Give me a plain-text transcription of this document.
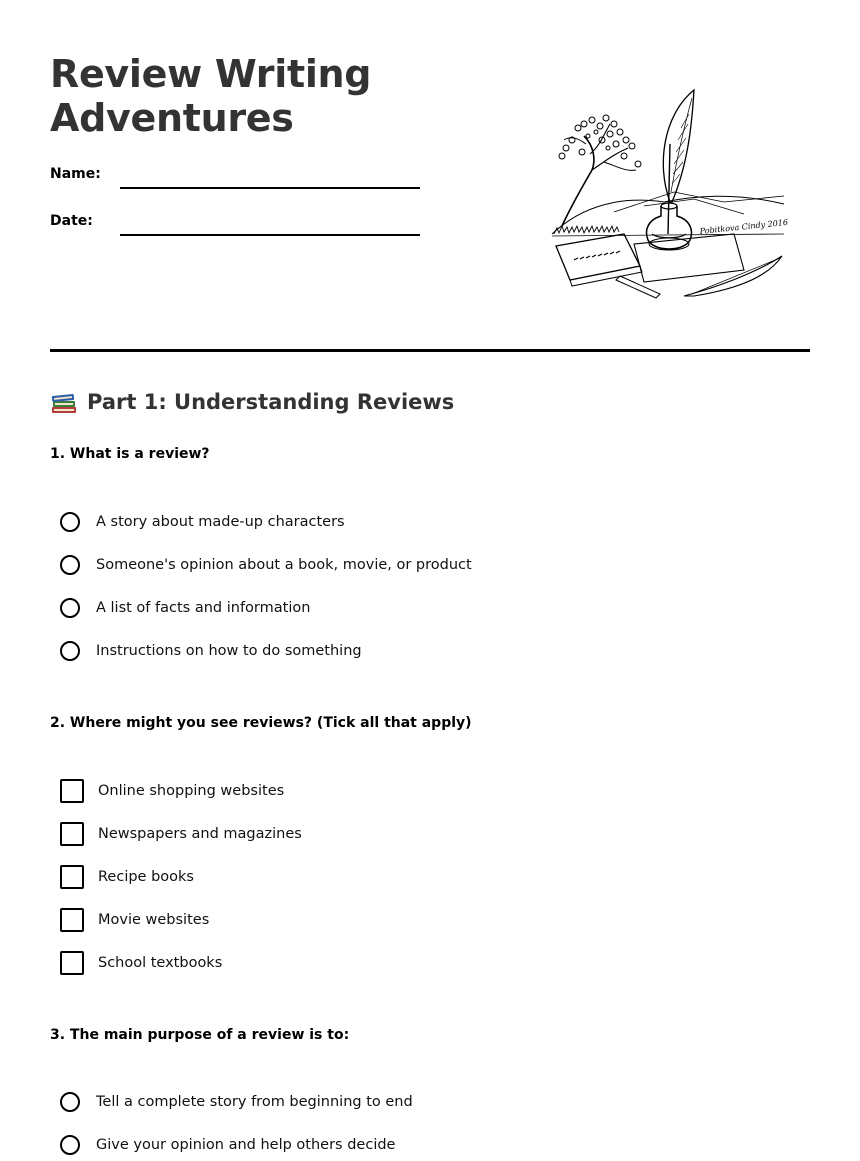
Review Writing
Adventures
Name:
Date:	Pobitkova Cindy 2016
Part 1: Understanding Reviews
1. What is a review?
A story about made-up characters
Someone's opinion about a book, movie, or product
A list of facts and information
Instructions on how to do something
2. Where might you see reviews? (Tick all that apply)
Online shopping websites
Newspapers and magazines
Recipe books
Movie websites
School textbooks
3. The main purpose of a review is to:
Tell a complete story from beginning to end
Give your opinion and help others decide
